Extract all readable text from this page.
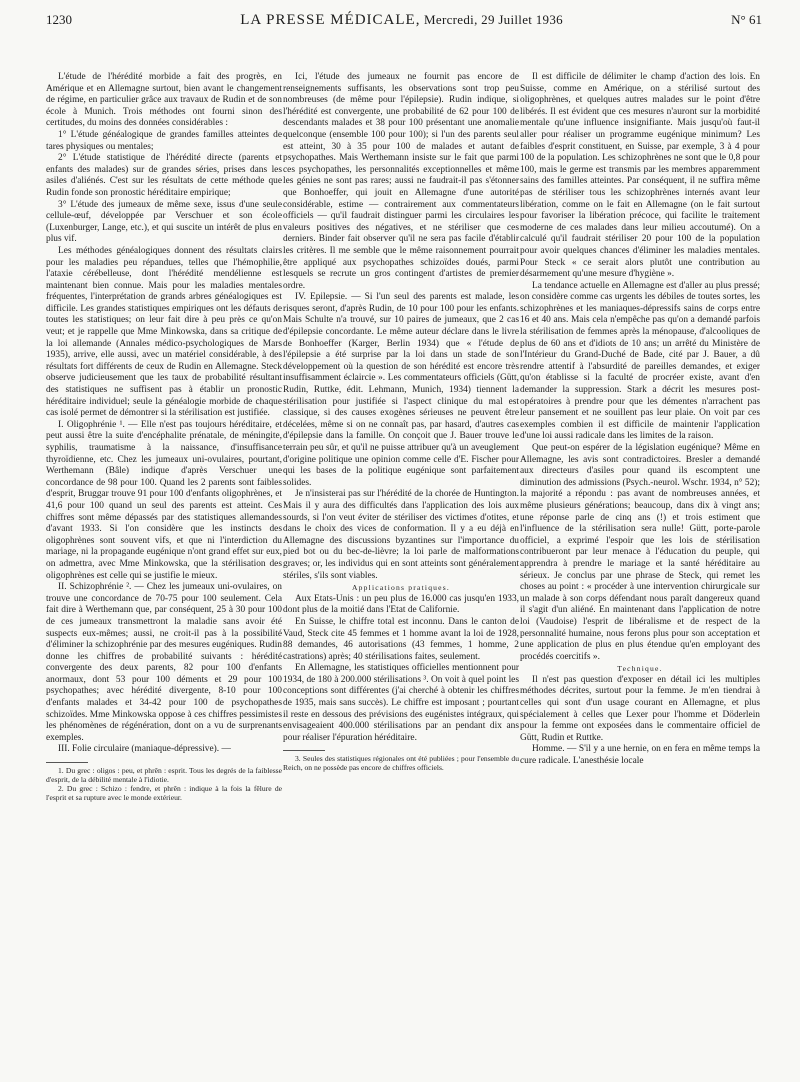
1230	LA PRESSE MÉDICALE, Mercredi, 29 Juillet 1936	N° 61

L'étude de l'hérédité morbide a fait des progrès, en Amérique et en Allemagne surtout, bien avant le changement de régime, en particulier grâce aux travaux de Rudin et de son école à Munich. Trois méthodes ont fourni sinon des certitudes, du moins des données considérables :

1° L'étude généalogique de grandes familles atteintes de tares physiques ou mentales;

2° L'étude statistique de l'hérédité directe (parents et enfants des malades) sur de grandes séries, prises dans les asiles d'aliénés. C'est sur les résultats de cette méthode que Rudin fonde son pronostic héréditaire empirique;

3° L'étude des jumeaux de même sexe, issus d'une seule cellule-œuf, développée par Verschuer et son école (Luxenburger, Lange, etc.), et qui suscite un intérêt de plus en plus vif.

Les méthodes généalogiques donnent des résultats clairs pour les maladies peu répandues, telles que l'hémophilie, l'ataxie cérébelleuse, dont l'hérédité mendélienne est maintenant bien connue. Mais pour les maladies mentales fréquentes, l'interprétation de grands arbres généalogiques est difficile. Les grandes statistiques empiriques ont les défauts de toutes les statistiques; on leur fait dire à peu près ce qu'on veut; et je rappelle que Mme Minkowska, dans sa critique de la loi allemande (Annales médico-psychologiques de Mars 1935), arrive, elle aussi, avec un matériel considérable, à des résultats fort différents de ceux de Rudin en Allemagne. Steck observe judicieusement que les taux de probabilité résultant des statistiques ne suffisent pas à établir un pronostic héréditaire individuel; seule la généalogie morbide de chaque cas isolé permet de démontrer si la stérilisation est justifiée.

I. Oligophrénie ¹. — Elle n'est pas toujours héréditaire, et peut aussi être la suite d'encéphalite prénatale, de méningite, syphilis, traumatisme à la naissance, d'insuffisance thyroïdienne, etc. Chez les jumeaux uni-ovulaires, pourtant, Werthemann (Bâle) indique d'après Verschuer une concordance de 98 pour 100. Quand les 2 parents sont faibles d'esprit, Bruggar trouve 91 pour 100 d'enfants oligophrènes, et 41,6 pour 100 quand un seul des parents est atteint. Ces chiffres sont même dépassés par des statistiques allemandes d'avant 1933. Si l'on considère que les instincts des oligophrènes sont souvent vifs, et que ni l'interdiction du mariage, ni la propagande eugénique n'ont grand effet sur eux, on admettra, avec Mme Minkowska, que la stérilisation des oligophrènes est celle qui se justifie le mieux.

II. Schizophrénie ². — Chez les jumeaux uni-ovulaires, on trouve une concordance de 70-75 pour 100 seulement. Cela fait dire à Werthemann que, par conséquent, 25 à 30 pour 100 de ces jumeaux transmettront la maladie sans avoir été suspects eux-mêmes; aussi, ne croit-il pas à la possibilité d'éliminer la schizophrénie par des mesures eugéniques. Rudin donne les chiffres de probabilité suivants : hérédité convergente des deux parents, 82 pour 100 d'enfants anormaux, dont 53 pour 100 déments et 29 pour 100 psychopathes; avec hérédité divergente, 8-10 pour 100 d'enfants malades et 34-42 pour 100 de psychopathes schizoïdes. Mme Minkowska oppose à ces chiffres pessimistes les phénomènes de régénération, dont on a vu de surprenants exemples.

III. Folie circulaire (maniaque-dépressive). —

1. Du grec : oligos : peu, et phrên : esprit. Tous les degrés de la faiblesse d'esprit, de la débilité mentale à l'idiotie.

2. Du grec : Schizo : fendre, et phrên : indique à la fois la fêlure de l'esprit et sa rupture avec le monde extérieur.

Ici, l'étude des jumeaux ne fournit pas encore de renseignements suffisants, les observations sont trop peu nombreuses (de même pour l'épilepsie). Rudin indique, si l'hérédité est convergente, une probabilité de 62 pour 100 de descendants malades et 38 pour 100 présentant une anomalie quelconque (ensemble 100 pour 100); si l'un des parents seul est atteint, 30 à 35 pour 100 de malades et autant de psychopathes. Mais Werthemann insiste sur le fait que parmi ces psychopathes, les personnalités exceptionnelles et même les génies ne sont pas rares; aussi ne faudrait-il pas s'étonner que Bonhoeffer, qui jouit en Allemagne d'une autorité considérable, estime — contrairement aux commentateurs officiels — qu'il faudrait distinguer parmi les circulaires les valeurs positives des négatives, et ne stériliser que ces derniers. Binder fait observer qu'il ne sera pas facile d'établir les critères. Il me semble que le même raisonnement pourrait être appliqué aux psychopathes schizoïdes doués, parmi lesquels se recrute un gros contingent d'artistes de premier ordre.

IV. Epilepsie. — Si l'un seul des parents est malade, les risques seront, d'après Rudin, de 10 pour 100 pour les enfants. Mais Schulte n'a trouvé, sur 10 paires de jumeaux, que 2 cas d'épilepsie concordante. Le même auteur déclare dans le livre de Bonhoeffer (Karger, Berlin 1934) que « l'étude de l'épilepsie a été surprise par la loi dans un stade de son développement où la question de son hérédité est encore très insuffisamment éclaircie ». Les commentateurs officiels (Gütt, Rudin, Ruttke, édit. Lehmann, Munich, 1934) tiennent la stérilisation pour justifiée si l'aspect clinique du mal est classique, si des causes exogènes sérieuses ne peuvent être décelées, même si on ne connaît pas, par hasard, d'autres cas d'épilepsie dans la famille. On conçoit que J. Bauer trouve le terrain peu sûr, et qu'il ne puisse attribuer qu'à un aveuglement d'origine politique une opinion comme celle d'E. Fischer pour qui les bases de la politique eugénique sont parfaitement solides.

Je n'insisterai pas sur l'hérédité de la chorée de Huntington. Mais il y aura des difficultés dans l'application des lois aux sourds, si l'on veut éviter de stériliser des victimes d'otites, et dans le choix des vices de conformation. Il y a eu déjà en Allemagne des discussions byzantines sur l'importance du pied bot ou du bec-de-lièvre; la loi parle de malformations graves; or, les individus qui en sont atteints sont généralement stériles, s'ils sont viables.

Applications pratiques.

Aux Etats-Unis : un peu plus de 16.000 cas jusqu'en 1933, dont plus de la moitié dans l'Etat de Californie.

En Suisse, le chiffre total est inconnu. Dans le canton de Vaud, Steck cite 45 femmes et 1 homme avant la loi de 1928, 88 demandes, 46 autorisations (43 femmes, 1 homme, 2 castrations) après; 40 stérilisations faites, seulement.

En Allemagne, les statistiques officielles mentionnent pour 1934, de 180 à 200.000 stérilisations ³. On voit à quel point les conceptions sont différentes (j'ai cherché à obtenir les chiffres de 1935, mais sans succès). Le chiffre est imposant ; pourtant il reste en dessous des prévisions des eugénistes intégraux, qui envisageaient 400.000 stérilisations par an pendant dix ans pour réaliser l'épuration héréditaire.

3. Seules des statistiques régionales ont été publiées ; pour l'ensemble du Reich, on ne possède pas encore de chiffres officiels.

Il est difficile de délimiter le champ d'action des lois. En Suisse, comme en Amérique, on a stérilisé surtout des oligophrènes, et quelques autres malades sur le point d'être libérés. Il est évident que ces mesures n'auront sur la morbidité mentale qu'une influence insignifiante. Mais jusqu'où faut-il aller pour réaliser un programme eugénique minimum? Les faibles d'esprit constituent, en Suisse, par exemple, 3 à 4 pour 100 de la population. Les schizophrènes ne sont que le 0,8 pour 100, mais le germe est transmis par les membres apparemment sains des familles atteintes. Par conséquent, il ne suffira même pas de stériliser tous les schizophrènes internés avant leur libération, comme on le fait en Allemagne (on le fait surtout pour favoriser la libération précoce, qui facilite le traitement moderne de ces malades dans leur milieu accoutumé). On a calculé qu'il faudrait stériliser 20 pour 100 de la population pour avoir quelques chances d'éliminer les maladies mentales. Pour Steck « ce serait alors plutôt une contribution au désarmement qu'une mesure d'hygiène ».

La tendance actuelle en Allemagne est d'aller au plus pressé; on considère comme cas urgents les débiles de toutes sortes, les schizophrènes et les maniaques-dépressifs sains de corps entre 16 et 40 ans. Mais cela n'empêche pas qu'on a demandé parfois la stérilisation de femmes après la ménopause, d'alcooliques de plus de 60 ans et d'idiots de 10 ans; un arrêté du Ministère de l'Intérieur du Grand-Duché de Bade, cité par J. Bauer, a dû rendre attentif à l'absurdité de pareilles demandes, et exiger qu'on établisse si la faculté de procréer existe, avant d'en demander la suppression. Stark a décrit les mesures post-opératoires à prendre pour que les démentes n'arrachent pas leur pansement et ne souillent pas leur plaie. On voit par ces exemples combien il est difficile de maintenir l'application d'une loi aussi radicale dans les limites de la raison.

Que peut-on espérer de la législation eugénique? Même en Allemagne, les avis sont contradictoires. Bresler a demandé aux directeurs d'asiles pour quand ils escomptent une diminution des admissions (Psych.-neurol. Wschr. 1934, n° 52); la majorité a répondu : pas avant de nombreuses années, et même plusieurs générations; beaucoup, dans dix à vingt ans; une réponse parle de cinq ans (!) et trois estiment que l'influence de la stérilisation sera nulle! Gütt, porte-parole officiel, a exprimé l'espoir que les lois de stérilisation contribueront par leur menace à l'éducation du peuple, qui apprendra à prendre le mariage et la santé héréditaire au sérieux. Je conclus par une phrase de Steck, qui remet les choses au point : « procéder à une intervention chirurgicale sur un malade à son corps défendant nous paraît dangereux quand il s'agit d'un aliéné. En maintenant dans l'application de notre loi (Vaudoise) l'esprit de libéralisme et de respect de la personnalité humaine, nous ferons plus pour son acceptation et une application de plus en plus étendue qu'en employant des procédés coercitifs ».

Technique.

Il n'est pas question d'exposer en détail ici les multiples méthodes décrites, surtout pour la femme. Je m'en tiendrai à celles qui sont d'un usage courant en Allemagne, et plus spécialement à celles que Lexer pour l'homme et Döderlein pour la femme ont exposées dans le commentaire officiel de Gütt, Rudin et Ruttke.

Homme. — S'il y a une hernie, on en fera en même temps la cure radicale. L'anesthésie locale
